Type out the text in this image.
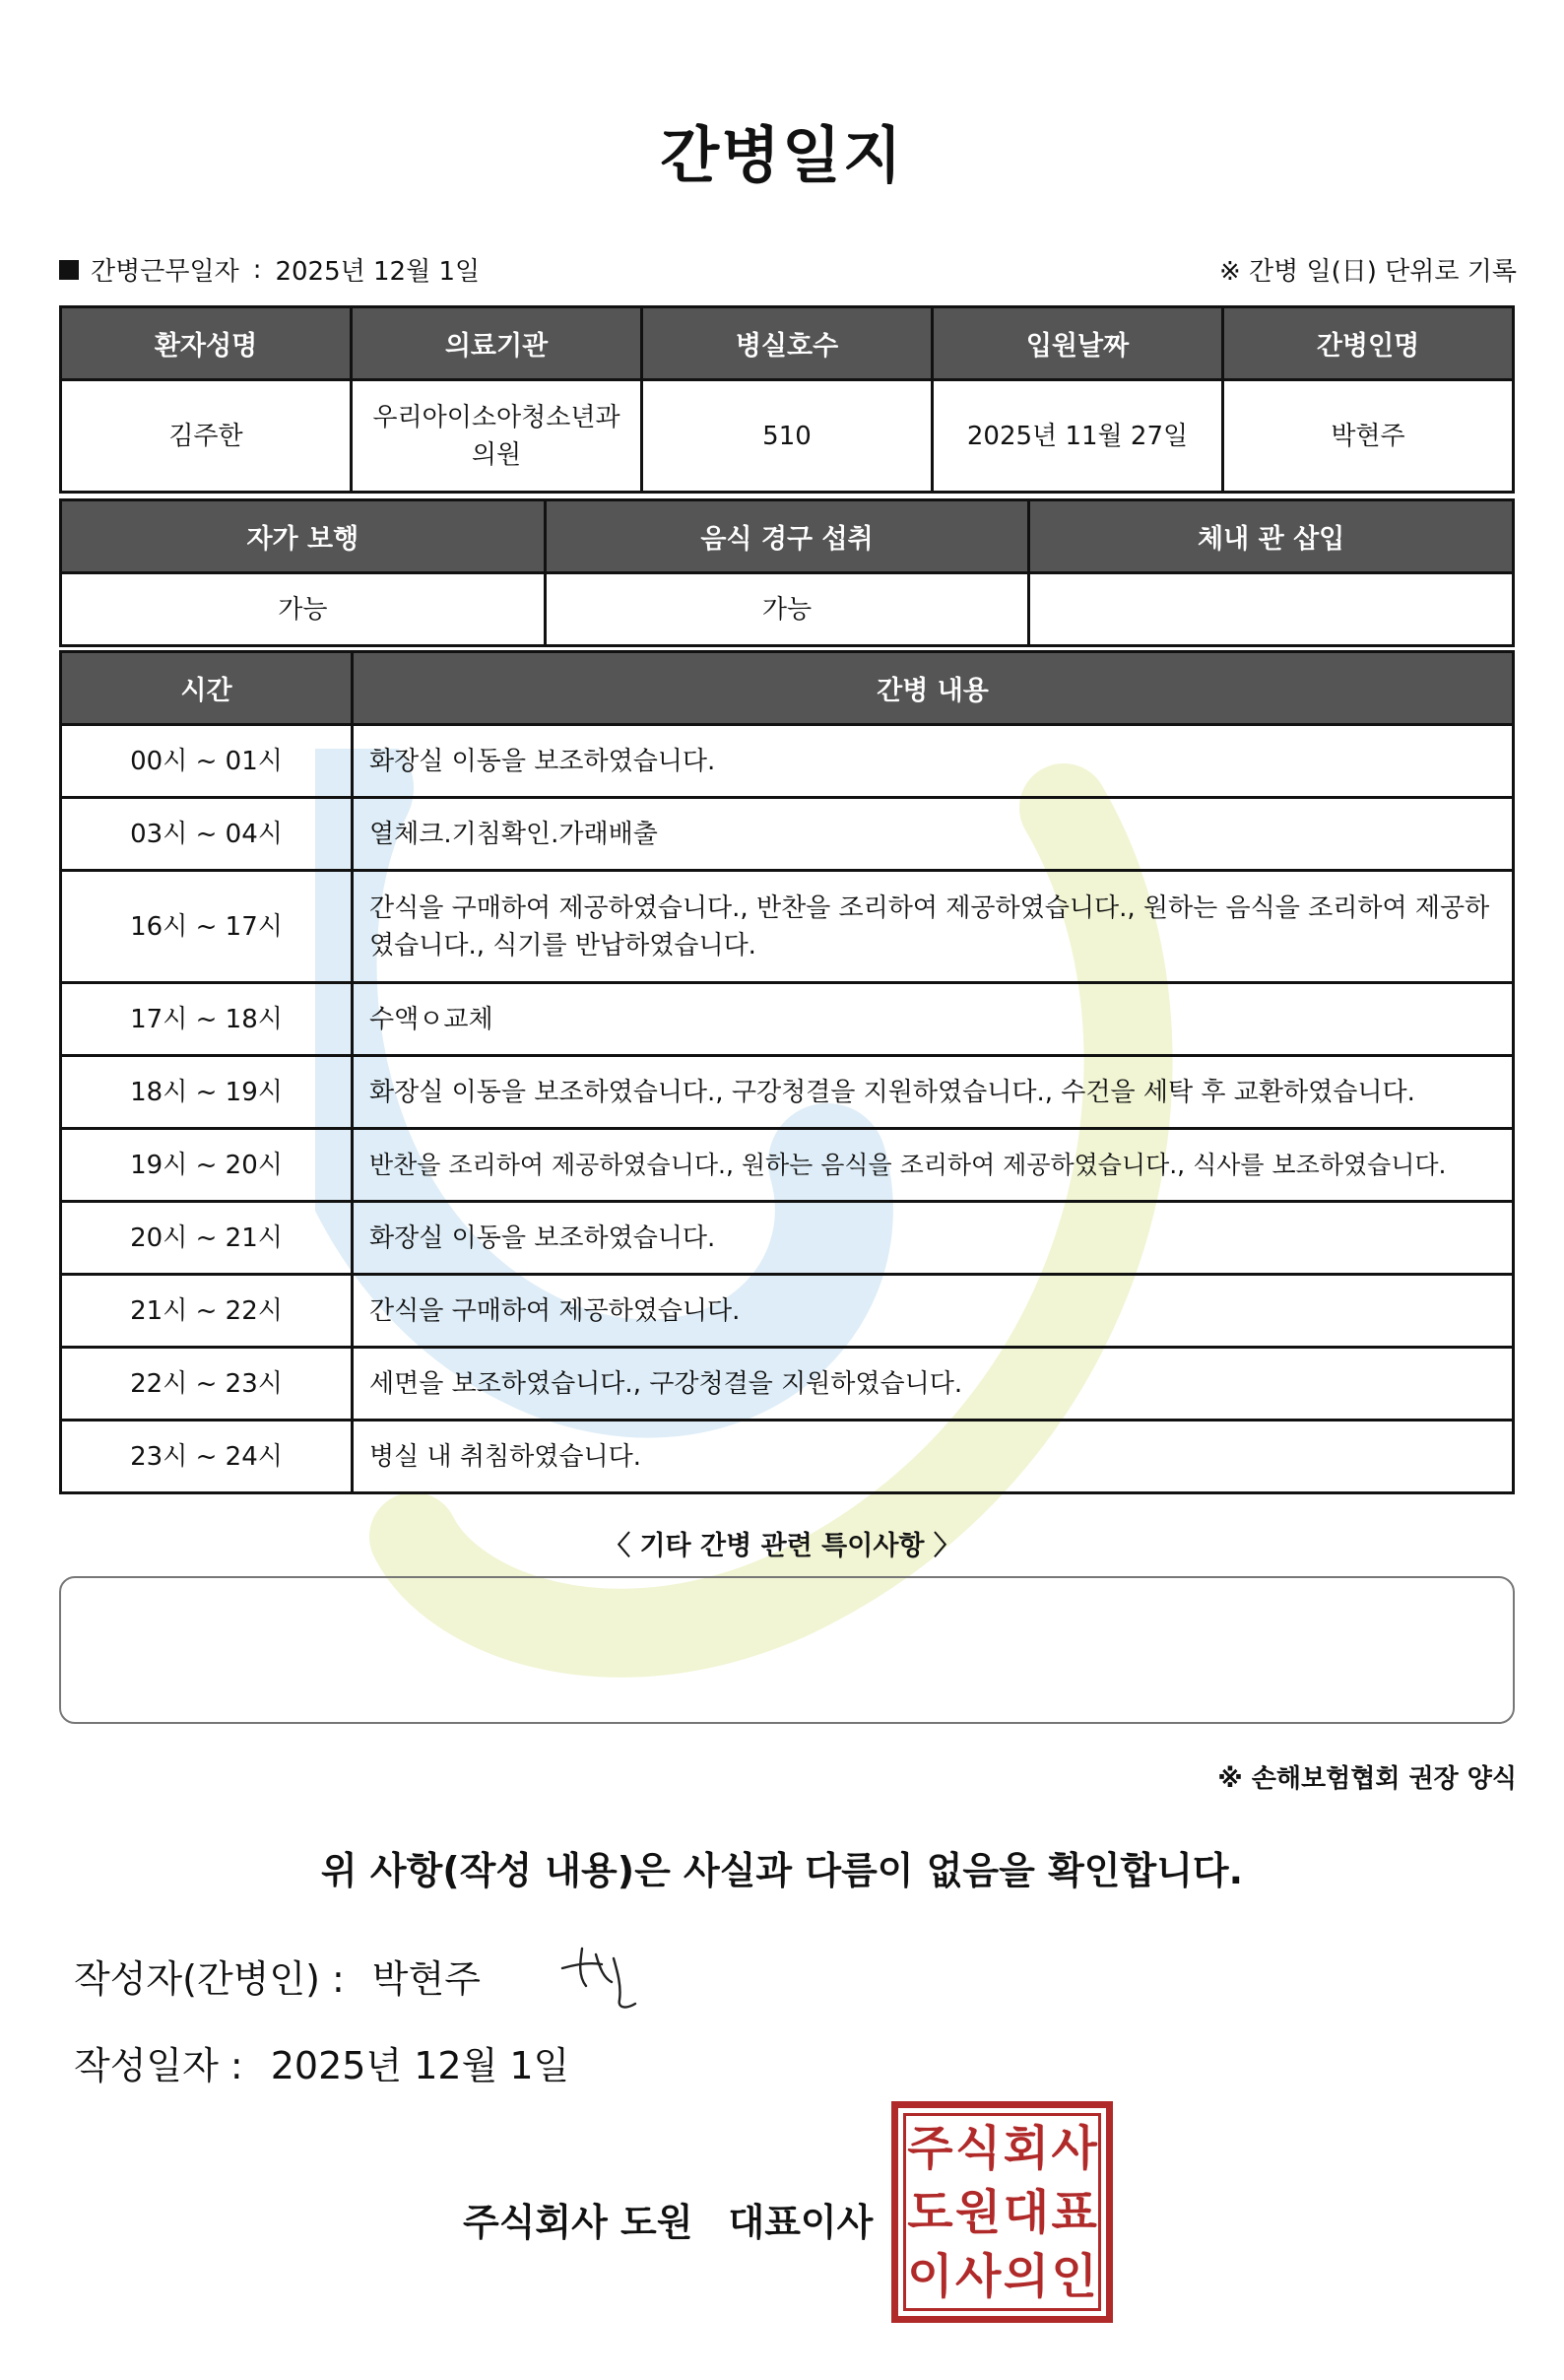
간병일지
간병근무일자 : 2025년 12월 1일	※ 간병 일(日) 단위로 기록
환자성명	의료기관	병실호수	입원날짜	간병인명
김주한	우리아이소아청소년과의원	510	2025년 11월 27일	박현주
자가 보행	음식 경구 섭취	체내 관 삽입
가능	가능	
시간	간병 내용
00시 ~ 01시	화장실 이동을 보조하였습니다.
03시 ~ 04시	열체크.기침확인.가래배출
16시 ~ 17시	간식을 구매하여 제공하였습니다., 반찬을 조리하여 제공하였습니다., 원하는 음식을 조리하여 제공하였습니다., 식기를 반납하였습니다.
17시 ~ 18시	수액ㅇ교체
18시 ~ 19시	화장실 이동을 보조하였습니다., 구강청결을 지원하였습니다., 수건을 세탁 후 교환하였습니다.
19시 ~ 20시	반찬을 조리하여 제공하였습니다., 원하는 음식을 조리하여 제공하였습니다., 식사를 보조하였습니다.
20시 ~ 21시	화장실 이동을 보조하였습니다.
21시 ~ 22시	간식을 구매하여 제공하였습니다.
22시 ~ 23시	세면을 보조하였습니다., 구강청결을 지원하였습니다.
23시 ~ 24시	병실 내 취침하였습니다.
〈 기타 간병 관련 특이사항 〉
※ 손해보험협회 권장 양식
위 사항(작성 내용)은 사실과 다름이 없음을 확인합니다.
작성자(간병인) : 박현주
작성일자 : 2025년 12월 1일
주식회사 도원 대표이사
주 식 회 사
도 원 대 표
이 사 의 인
